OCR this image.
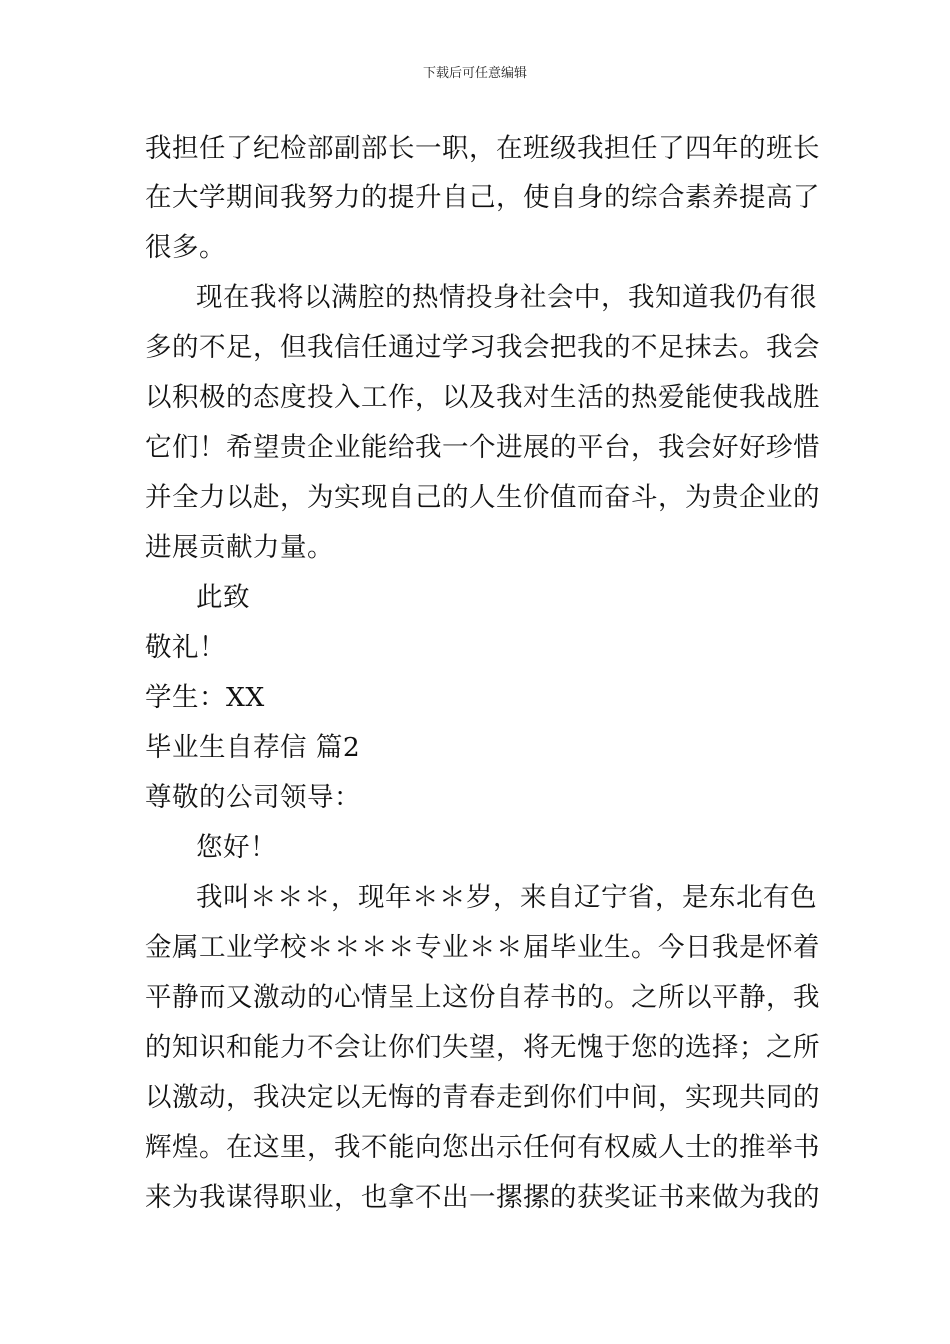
下载后可任意编辑
我担任了纪检部副部长一职，在班级我担任了四年的班长
在大学期间我努力的提升自己，使自身的综合素养提高了
很多。
现在我将以满腔的热情投身社会中，我知道我仍有很
多的不足，但我信任通过学习我会把我的不足抹去。我会
以积极的态度投入工作，以及我对生活的热爱能使我战胜
它们！希望贵企业能给我一个进展的平台，我会好好珍惜
并全力以赴，为实现自己的人生价值而奋斗，为贵企业的
进展贡献力量。
此致
敬礼！
学生：XX
毕业生自荐信 篇2
尊敬的公司领导：
您好！
我叫＊＊＊，现年＊＊岁，来自辽宁省，是东北有色
金属工业学校＊＊＊＊专业＊＊届毕业生。今日我是怀着
平静而又激动的心情呈上这份自荐书的。之所以平静，我
的知识和能力不会让你们失望，将无愧于您的选择；之所
以激动，我决定以无悔的青春走到你们中间，实现共同的
辉煌。在这里，我不能向您出示任何有权威人士的推举书
来为我谋得职业，也拿不出一摞摞的获奖证书来做为我的
